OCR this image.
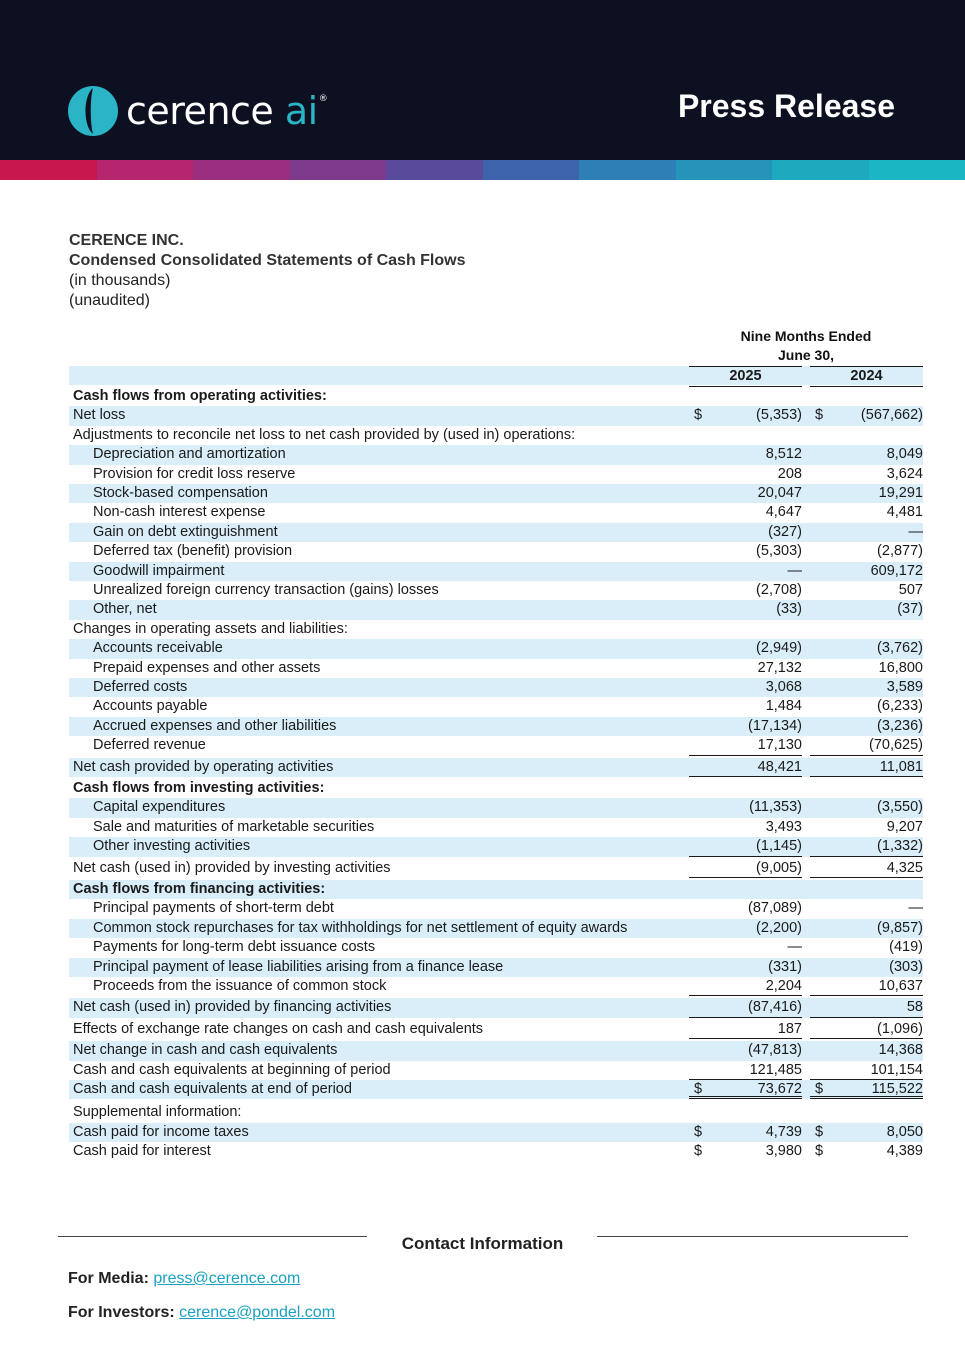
cerence ai®	Press Release
CERENCE INC.
Condensed Consolidated Statements of Cash Flows
(in thousands)
(unaudited)
Nine Months Ended
June 30,
2025	2024
Cash flows from operating activities:
Net loss	$	(5,353) $	(567,662)
Adjustments to reconcile net loss to net cash provided by (used in) operations:
Depreciation and amortization	8,512	8,049
Provision for credit loss reserve	208	3,624
Stock-based compensation	20,047	19,291
Non-cash interest expense	4,647	4,481
Gain on debt extinguishment	(327)	—
Deferred tax (benefit) provision	(5,303)	(2,877)
Goodwill impairment	—	609,172
Unrealized foreign currency transaction (gains) losses	(2,708)	507
Other, net	(33)	(37)
Changes in operating assets and liabilities:
Accounts receivable	(2,949)	(3,762)
Prepaid expenses and other assets	27,132	16,800
Deferred costs	3,068	3,589
Accounts payable	1,484	(6,233)
Accrued expenses and other liabilities	(17,134)	(3,236)
Deferred revenue	17,130	(70,625)
Net cash provided by operating activities	48,421	11,081
Cash flows from investing activities:
Capital expenditures	(11,353)	(3,550)
Sale and maturities of marketable securities	3,493	9,207
Other investing activities	(1,145)	(1,332)
Net cash (used in) provided by investing activities	(9,005)	4,325
Cash flows from financing activities:
Principal payments of short-term debt	(87,089)	—
Common stock repurchases for tax withholdings for net settlement of equity awards	(2,200)	(9,857)
Payments for long-term debt issuance costs	—	(419)
Principal payment of lease liabilities arising from a finance lease	(331)	(303)
Proceeds from the issuance of common stock	2,204	10,637
Net cash (used in) provided by financing activities	(87,416)	58
Effects of exchange rate changes on cash and cash equivalents	187	(1,096)
Net change in cash and cash equivalents	(47,813)	14,368
Cash and cash equivalents at beginning of period	121,485	101,154
Cash and cash equivalents at end of period	$	73,672 $	115,522
Supplemental information:
Cash paid for income taxes	$	4,739 $	8,050
Cash paid for interest	$	3,980 $	4,389
Contact Information
For Media: press@cerence.com
For Investors: cerence@pondel.com
